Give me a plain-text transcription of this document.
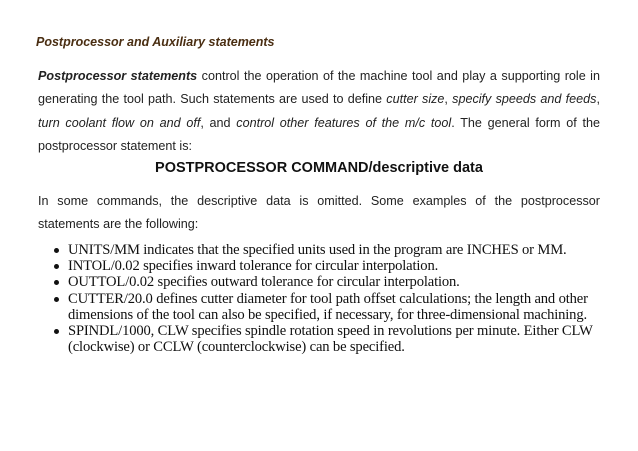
Postprocessor and Auxiliary statements

Postprocessor statements control the operation of the machine tool and play a supporting role in generating the tool path. Such statements are used to define cutter size, specify speeds and feeds, turn coolant flow on and off, and control other features of the m/c tool. The general form of the postprocessor statement is:

POSTPROCESSOR COMMAND/descriptive data

In some commands, the descriptive data is omitted. Some examples of the postprocessor statements are the following:

UNITS/MM indicates that the specified units used in the program are INCHES or MM.
INTOL/0.02 specifies inward tolerance for circular interpolation.
OUTTOL/0.02 specifies outward tolerance for circular interpolation.
CUTTER/20.0 defines cutter diameter for tool path offset calculations; the length and other dimensions of the tool can also be specified, if necessary, for three-dimensional machining.
SPINDL/1000, CLW specifies spindle rotation speed in revolutions per minute. Either CLW (clockwise) or CCLW (counterclockwise) can be specified.
